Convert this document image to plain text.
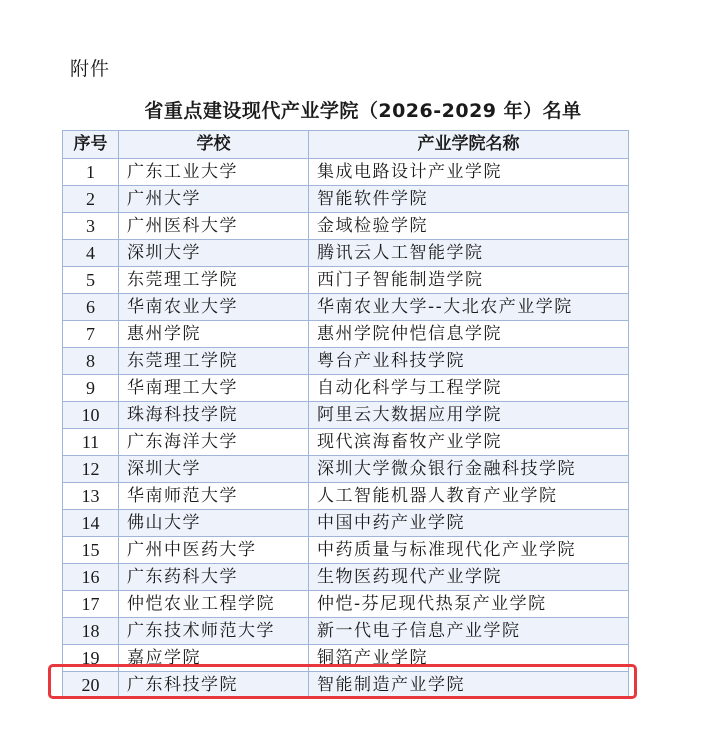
附件
省重点建设现代产业学院（2026-2029 年）名单
序号	学校	产业学院名称
1	广东工业大学	集成电路设计产业学院
2	广州大学	智能软件学院
3	广州医科大学	金域检验学院
4	深圳大学	腾讯云人工智能学院
5	东莞理工学院	西门子智能制造学院
6	华南农业大学	华南农业大学--大北农产业学院
7	惠州学院	惠州学院仲恺信息学院
8	东莞理工学院	粤台产业科技学院
9	华南理工大学	自动化科学与工程学院
10	珠海科技学院	阿里云大数据应用学院
11	广东海洋大学	现代滨海畜牧产业学院
12	深圳大学	深圳大学微众银行金融科技学院
13	华南师范大学	人工智能机器人教育产业学院
14	佛山大学	中国中药产业学院
15	广州中医药大学	中药质量与标准现代化产业学院
16	广东药科大学	生物医药现代产业学院
17	仲恺农业工程学院	仲恺-芬尼现代热泵产业学院
18	广东技术师范大学	新一代电子信息产业学院
19	嘉应学院	铜箔产业学院
20	广东科技学院	智能制造产业学院
